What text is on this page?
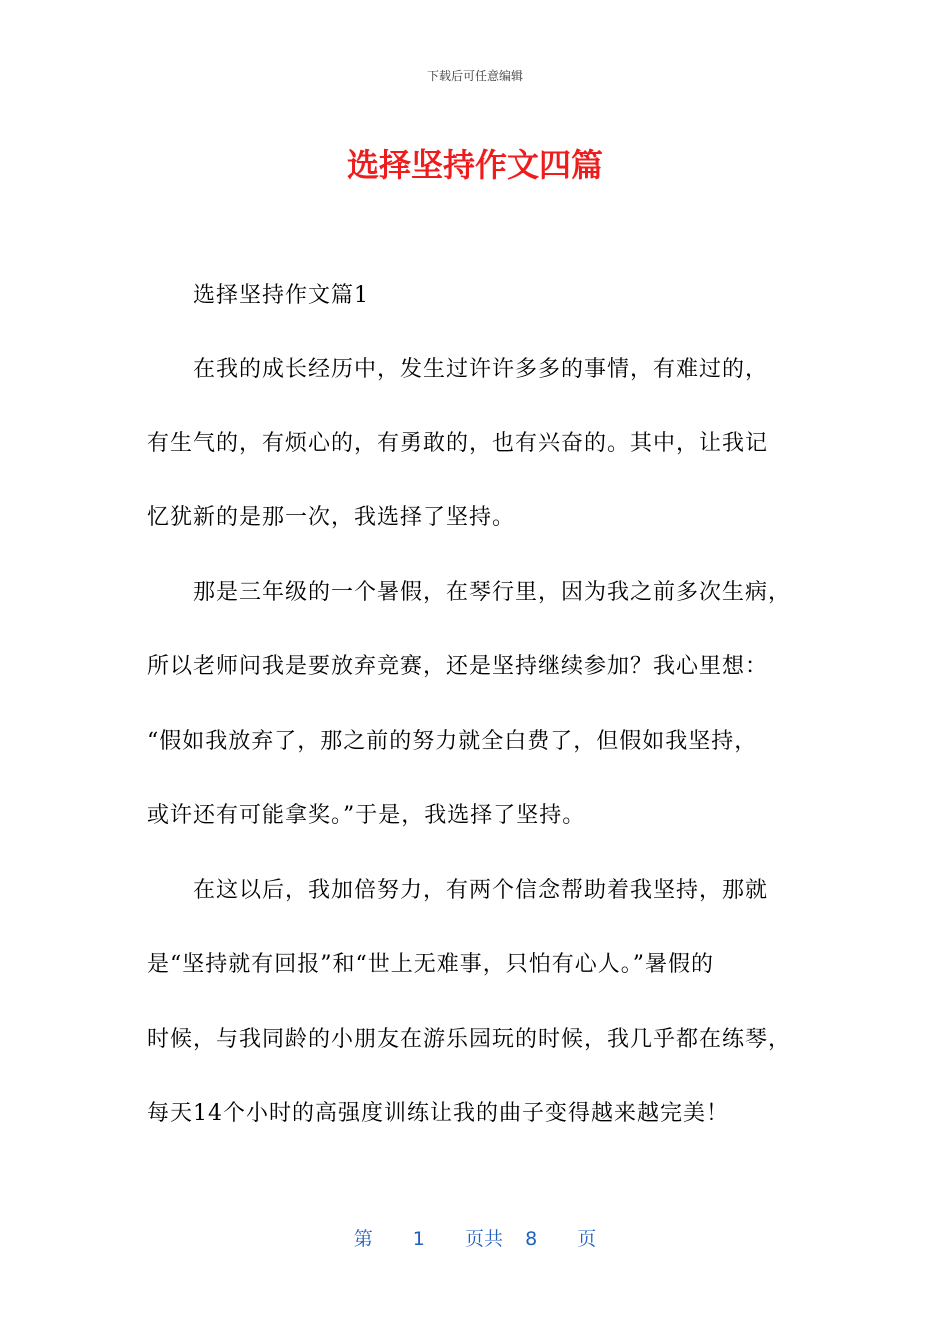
下载后可任意编辑
选择坚持作文四篇
选择坚持作文篇1
在我的成长经历中，发生过许许多多的事情，有难过的，
有生气的，有烦心的，有勇敢的，也有兴奋的。其中，让我记
忆犹新的是那一次，我选择了坚持。
那是三年级的一个暑假，在琴行里，因为我之前多次生病，
所以老师问我是要放弃竞赛，还是坚持继续参加？我心里想：
“假如我放弃了，那之前的努力就全白费了，但假如我坚持，
或许还有可能拿奖。”于是，我选择了坚持。
在这以后，我加倍努力，有两个信念帮助着我坚持，那就
是“坚持就有回报”和“世上无难事，只怕有心人。”暑假的
时候，与我同龄的小朋友在游乐园玩的时候，我几乎都在练琴，
每天14个小时的高强度训练让我的曲子变得越来越完美！
第 1 页共 8 页
